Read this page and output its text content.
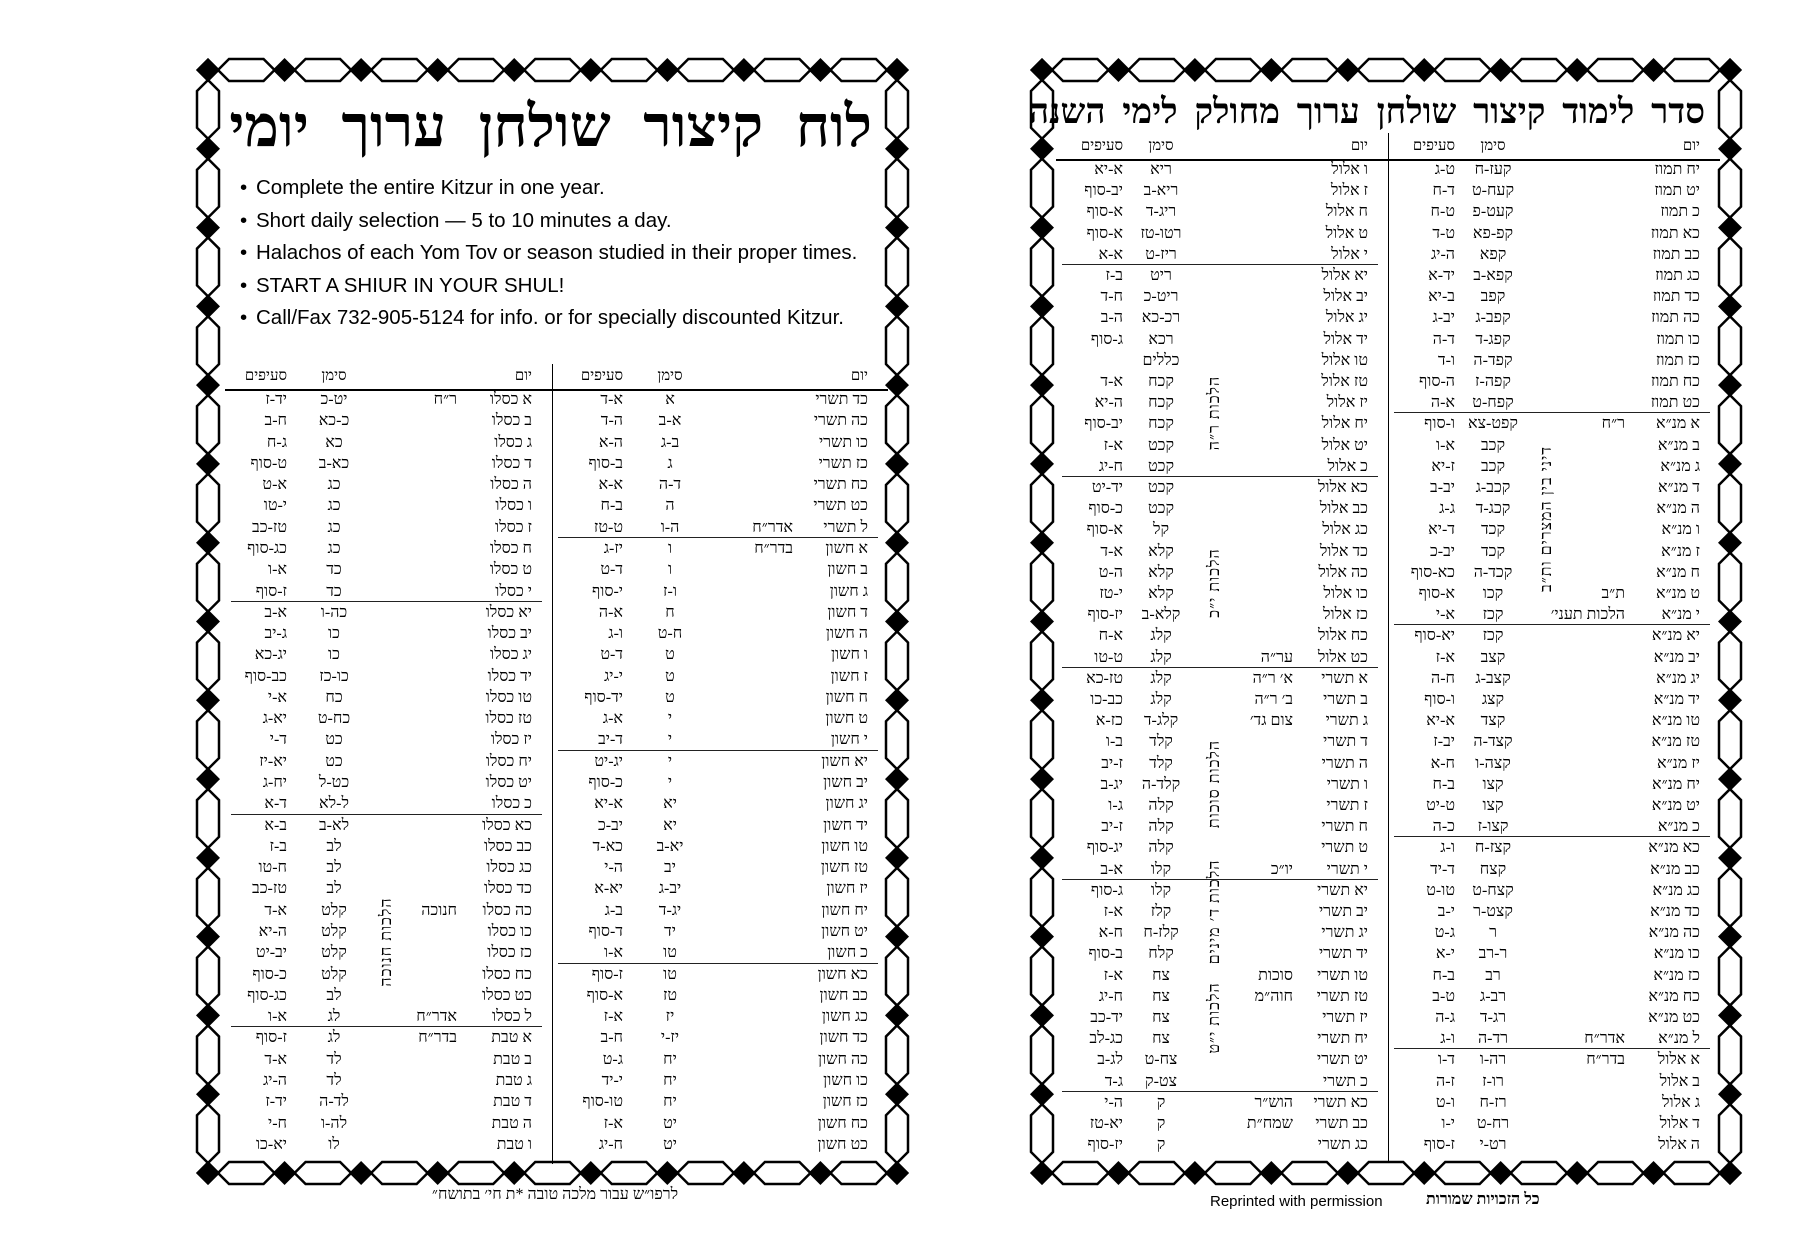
לוח קיצור שולחן ערוך יומי
• Complete the entire Kitzur in one year.
• Short daily selection — 5 to 10 minutes a day.
• Halachos of each Yom Tov or season studied in their proper times.
• START A SHIUR IN YOUR SHUL!
• Call/Fax 732-905-5124 for info. or for specially discounted Kitzur.
יום
סימן
סעיפים
כד תשרי
א
א-ד
כה תשרי
א-ב
ה-ד
כו תשרי
ב-ג
ה-א
כז תשרי
ג
ב-סוף
כח תשרי
ד-ה
א-א
כט תשרי
ה
ב-ח
ל תשרי
אדר״ח
ה-ו
ט-טז
א חשון
בדר״ח
ו
יז-ג
ב חשון
ו
ד-ט
ג חשון
ו-ז
י-סוף
ד חשון
ח
א-ה
ה חשון
ח-ט
ו-ג
ו חשון
ט
ד-ט
ז חשון
ט
י-יג
ח חשון
ט
יד-סוף
ט חשון
י
א-ג
י חשון
י
ד-יב
יא חשון
י
יג-יט
יב חשון
י
כ-סוף
יג חשון
יא
א-יא
יד חשון
יא
יב-כ
טו חשון
יא-ב
כא-ד
טז חשון
יב
ה-י
יז חשון
יב-ג
יא-א
יח חשון
יג-ד
ב-ג
יט חשון
יד
ד-סוף
כ חשון
טו
א-ו
כא חשון
טו
ז-סוף
כב חשון
טז
א-סוף
כג חשון
יז
א-ז
כד חשון
יז-י
ח-ב
כה חשון
יח
ג-ט
כו חשון
יח
י-יד
כז חשון
יח
טו-סוף
כח חשון
יט
א-ז
כט חשון
יט
ח-יג
יום
סימן
סעיפים
א כסלו
ר״ח
יט-כ
יד-ז
ב כסלו
כ-כא
ח-ב
ג כסלו
כא
ג-ח
ד כסלו
כא-ב
ט-סוף
ה כסלו
כג
א-ט
ו כסלו
כג
י-טו
ז כסלו
כג
טז-כב
ח כסלו
כג
כג-סוף
ט כסלו
כד
א-ו
י כסלו
כד
ז-סוף
יא כסלו
כה-ו
א-ב
יב כסלו
כו
ג-יב
יג כסלו
כו
יג-כא
יד כסלו
כו-כז
כב-סוף
טו כסלו
כח
א-י
טז כסלו
כח-ט
יא-ג
יז כסלו
כט
ד-י
יח כסלו
כט
יא-יז
יט כסלו
כט-ל
יח-ג
כ כסלו
ל-לא
ד-א
כא כסלו
לא-ב
ב-א
כב כסלו
לב
ב-ז
כג כסלו
לב
ח-טו
כד כסלו
לב
טז-כב
כה כסלו
חנוכה
קלט
א-ד
כו כסלו
קלט
ה-יא
כז כסלו
קלט
יב-יט
כח כסלו
קלט
כ-סוף
כט כסלו
לב
כג-סוף
ל כסלו
אדר״ח
לג
א-ו
א טבת
בדר״ח
לג
ז-סוף
ב טבת
לד
א-ד
ג טבת
לד
ה-יג
ד טבת
לד-ה
יד-ז
ה טבת
לה-ו
ח-י
ו טבת
לו
יא-כו
הלכות חנוכה
לרפו״ש עבור מלכה טובה *ת חי׳ בתושח״
סדר לימוד קיצור שולחן ערוך מחולק לימי השנה
יום
סימן
סעיפים
יח תמוז
קעז-ח
ט-ג
יט תמוז
קעח-ט
ד-ח
כ תמוז
קעט-פ
ט-ח
כא תמוז
קפ-פא
ט-ד
כב תמוז
קפא
ה-יג
כג תמוז
קפא-ב
יד-א
כד תמוז
קפב
ב-יא
כה תמוז
קפב-ג
יב-ג
כו תמוז
קפג-ד
ד-ה
כז תמוז
קפד-ה
ו-ד
כח תמוז
קפה-ז
ה-סוף
כט תמוז
קפח-ט
א-ה
א מנ״א
ר״ח
קפט-צא
ו-סוף
ב מנ״א
קכב
א-ו
ג מנ״א
קכב
ז-יא
ד מנ״א
קכב-ג
יב-ב
ה מנ״א
קכג-ד
ג-ג
ו מנ״א
קכד
ד-יא
ז מנ״א
קכד
יב-כ
ח מנ״א
קכד-ה
כא-סוף
ט מנ״א
ת״ב
קכו
א-סוף
י מנ״א
הלכות תעני׳
קכז
א-י
יא מנ״א
קכז
יא-סוף
יב מנ״א
קצב
א-ז
יג מנ״א
קצב-ג
ח-ה
יד מנ״א
קצג
ו-סוף
טו מנ״א
קצד
א-יא
טז מנ״א
קצד-ה
יב-ז
יז מנ״א
קצה-ו
ח-א
יח מנ״א
קצו
ב-ח
יט מנ״א
קצו
ט-יט
כ מנ״א
קצו-ז
כ-ה
כא מנ״א
קצז-ח
ו-ג
כב מנ״א
קצח
ד-יד
כג מנ״א
קצח-ט
טו-ט
כד מנ״א
קצט-ר
י-ב
כה מנ״א
ר
ג-ט
כו מנ״א
ר-רב
י-א
כז מנ״א
רב
ב-ח
כח מנ״א
רב-ג
ט-ב
כט מנ״א
רג-ד
ג-ה
ל מנ״א
אדר״ח
רד-ה
ו-ג
א אלול
בדר״ח
רה-ו
ד-ו
ב אלול
רו-ז
ז-ה
ג אלול
רז-ח
ו-ט
ד אלול
רח-ט
י-ו
ה אלול
רט-י
ז-סוף
דיני בין המצרים ות״ב
יום
סימן
סעיפים
ו אלול
ריא
א-יא
ז אלול
ריא-ב
יב-סוף
ח אלול
ריג-ד
א-סוף
ט אלול
רטו-טז
א-סוף
י אלול
ריז-ט
א-א
יא אלול
ריט
ב-ז
יב אלול
ריט-כ
ח-ד
יג אלול
רכ-כא
ה-ב
יד אלול
רכא
ג-סוף
טו אלול
כללים
טז אלול
קכח
א-ד
יז אלול
קכח
ה-יא
יח אלול
קכח
יב-סוף
יט אלול
קכט
א-ז
כ אלול
קכט
ח-יג
כא אלול
קכט
יד-יט
כב אלול
קכט
כ-סוף
כג אלול
קל
א-סוף
כד אלול
קלא
א-ד
כה אלול
קלא
ה-ט
כו אלול
קלא
י-טז
כז אלול
קלא-ב
יז-סוף
כח אלול
קלג
א-ח
כט אלול
ער״ה
קלג
ט-טו
א תשרי
א׳ ר״ה
קלג
טז-כא
ב תשרי
ב׳ ר״ה
קלג
כב-כו
ג תשרי
צום גד׳
קלג-ד
כז-א
ד תשרי
קלד
ב-ו
ה תשרי
קלד
ז-יב
ו תשרי
קלד-ה
יג-ב
ז תשרי
קלה
ג-ו
ח תשרי
קלה
ז-יב
ט תשרי
קלה
יג-סוף
י תשרי
יו״כ
קלו
א-ב
יא תשרי
קלו
ג-סוף
יב תשרי
קלז
א-ז
יג תשרי
קלז-ח
ח-א
יד תשרי
קלח
ב-סוף
טו תשרי
סוכות
צח
א-ז
טז תשרי
חוה״מ
צח
ח-יג
יז תשרי
צח
יד-כב
יח תשרי
צח
כג-לב
יט תשרי
צח-ט
לג-ב
כ תשרי
צט-ק
ג-ד
כא תשרי
הוש״ר
ק
ה-י
כב תשרי
שמח״ת
ק
יא-טז
כג תשרי
ק
יז-סוף
הלכות ר״ה
הלכות י״כ
הלכות סוכות
הלכות ד׳ מינים
הלכות י״ט
Reprinted with permission	כל הזכויות שמורות
